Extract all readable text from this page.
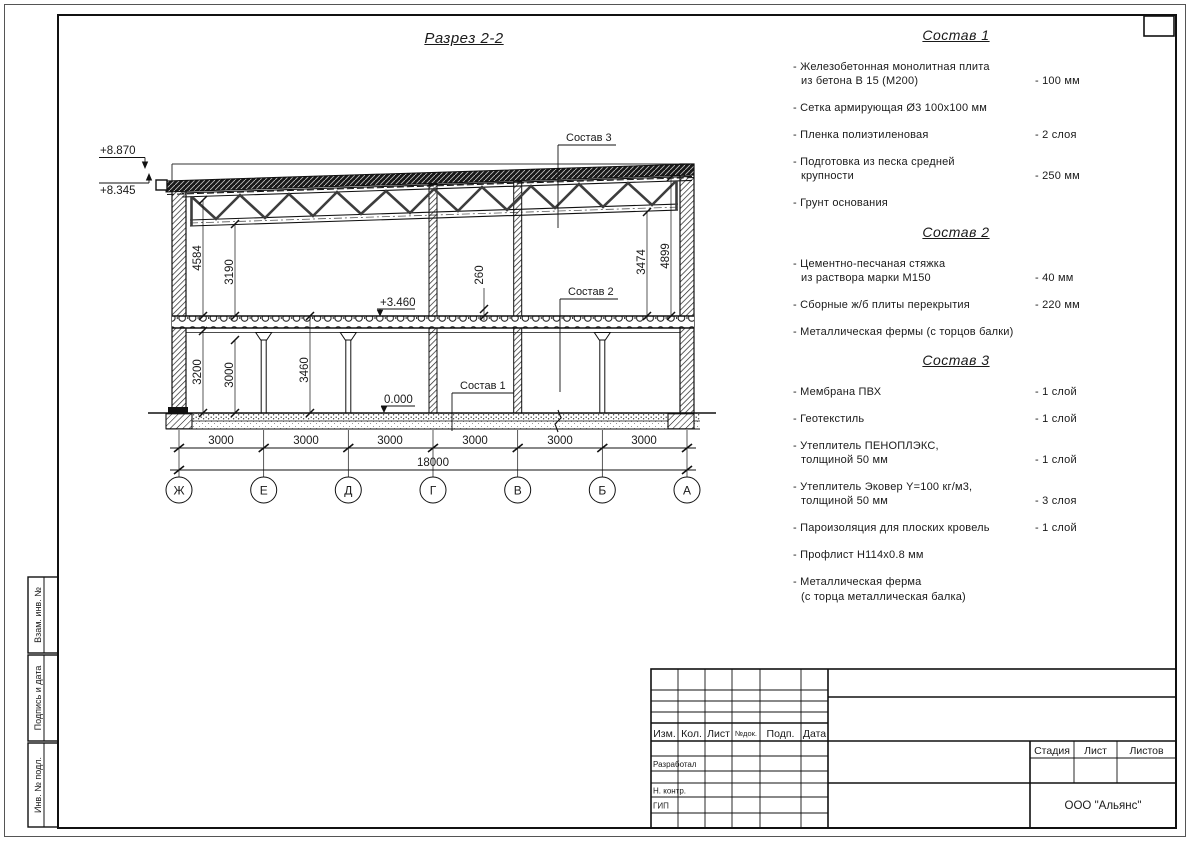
Взам. инв. №
Подпись и дата
Инв. № подл.
4584
3190
3200 3000	3460
260
3474 4899
+8.870
+8.345
+3.460
0.000
Состав 3
Состав 2
Состав 1
3000	3000	3000	3000	3000	3000
18000
Ж	Е	Д	Г	В	Б	А
Изм. Кол. Лист №док. Подп. Дата
Разработал
Н. контр.
ГИП
Стадия Лист Листов
ООО "Альянс"
Разрез 2-2	Состав 1
- Железобетонная монолитная плита
из бетона В 15 (М200)	- 100 мм
- Сетка армирующая Ø3 100х100 мм
- Пленка полиэтиленовая	- 2 слоя
- Подготовка из песка средней
крупности	- 250 мм
- Грунт основания
Состав 2
- Цементно-песчаная стяжка
из раствора марки М150	- 40 мм
- Сборные ж/б плиты перекрытия	- 220 мм
- Металлическая фермы (с торцов балки)
Состав 3
- Мембрана ПВХ	- 1 слой
- Геотекстиль	- 1 слой
- Утеплитель ПЕНОПЛЭКС,
толщиной 50 мм	- 1 слой
- Утеплитель Эковер Y=100 кг/м3,
толщиной 50 мм	- 3 слоя
- Пароизоляция для плоских кровель	- 1 слой
- Профлист Н114х0.8 мм
- Металлическая ферма
(с торца металлическая балка)
